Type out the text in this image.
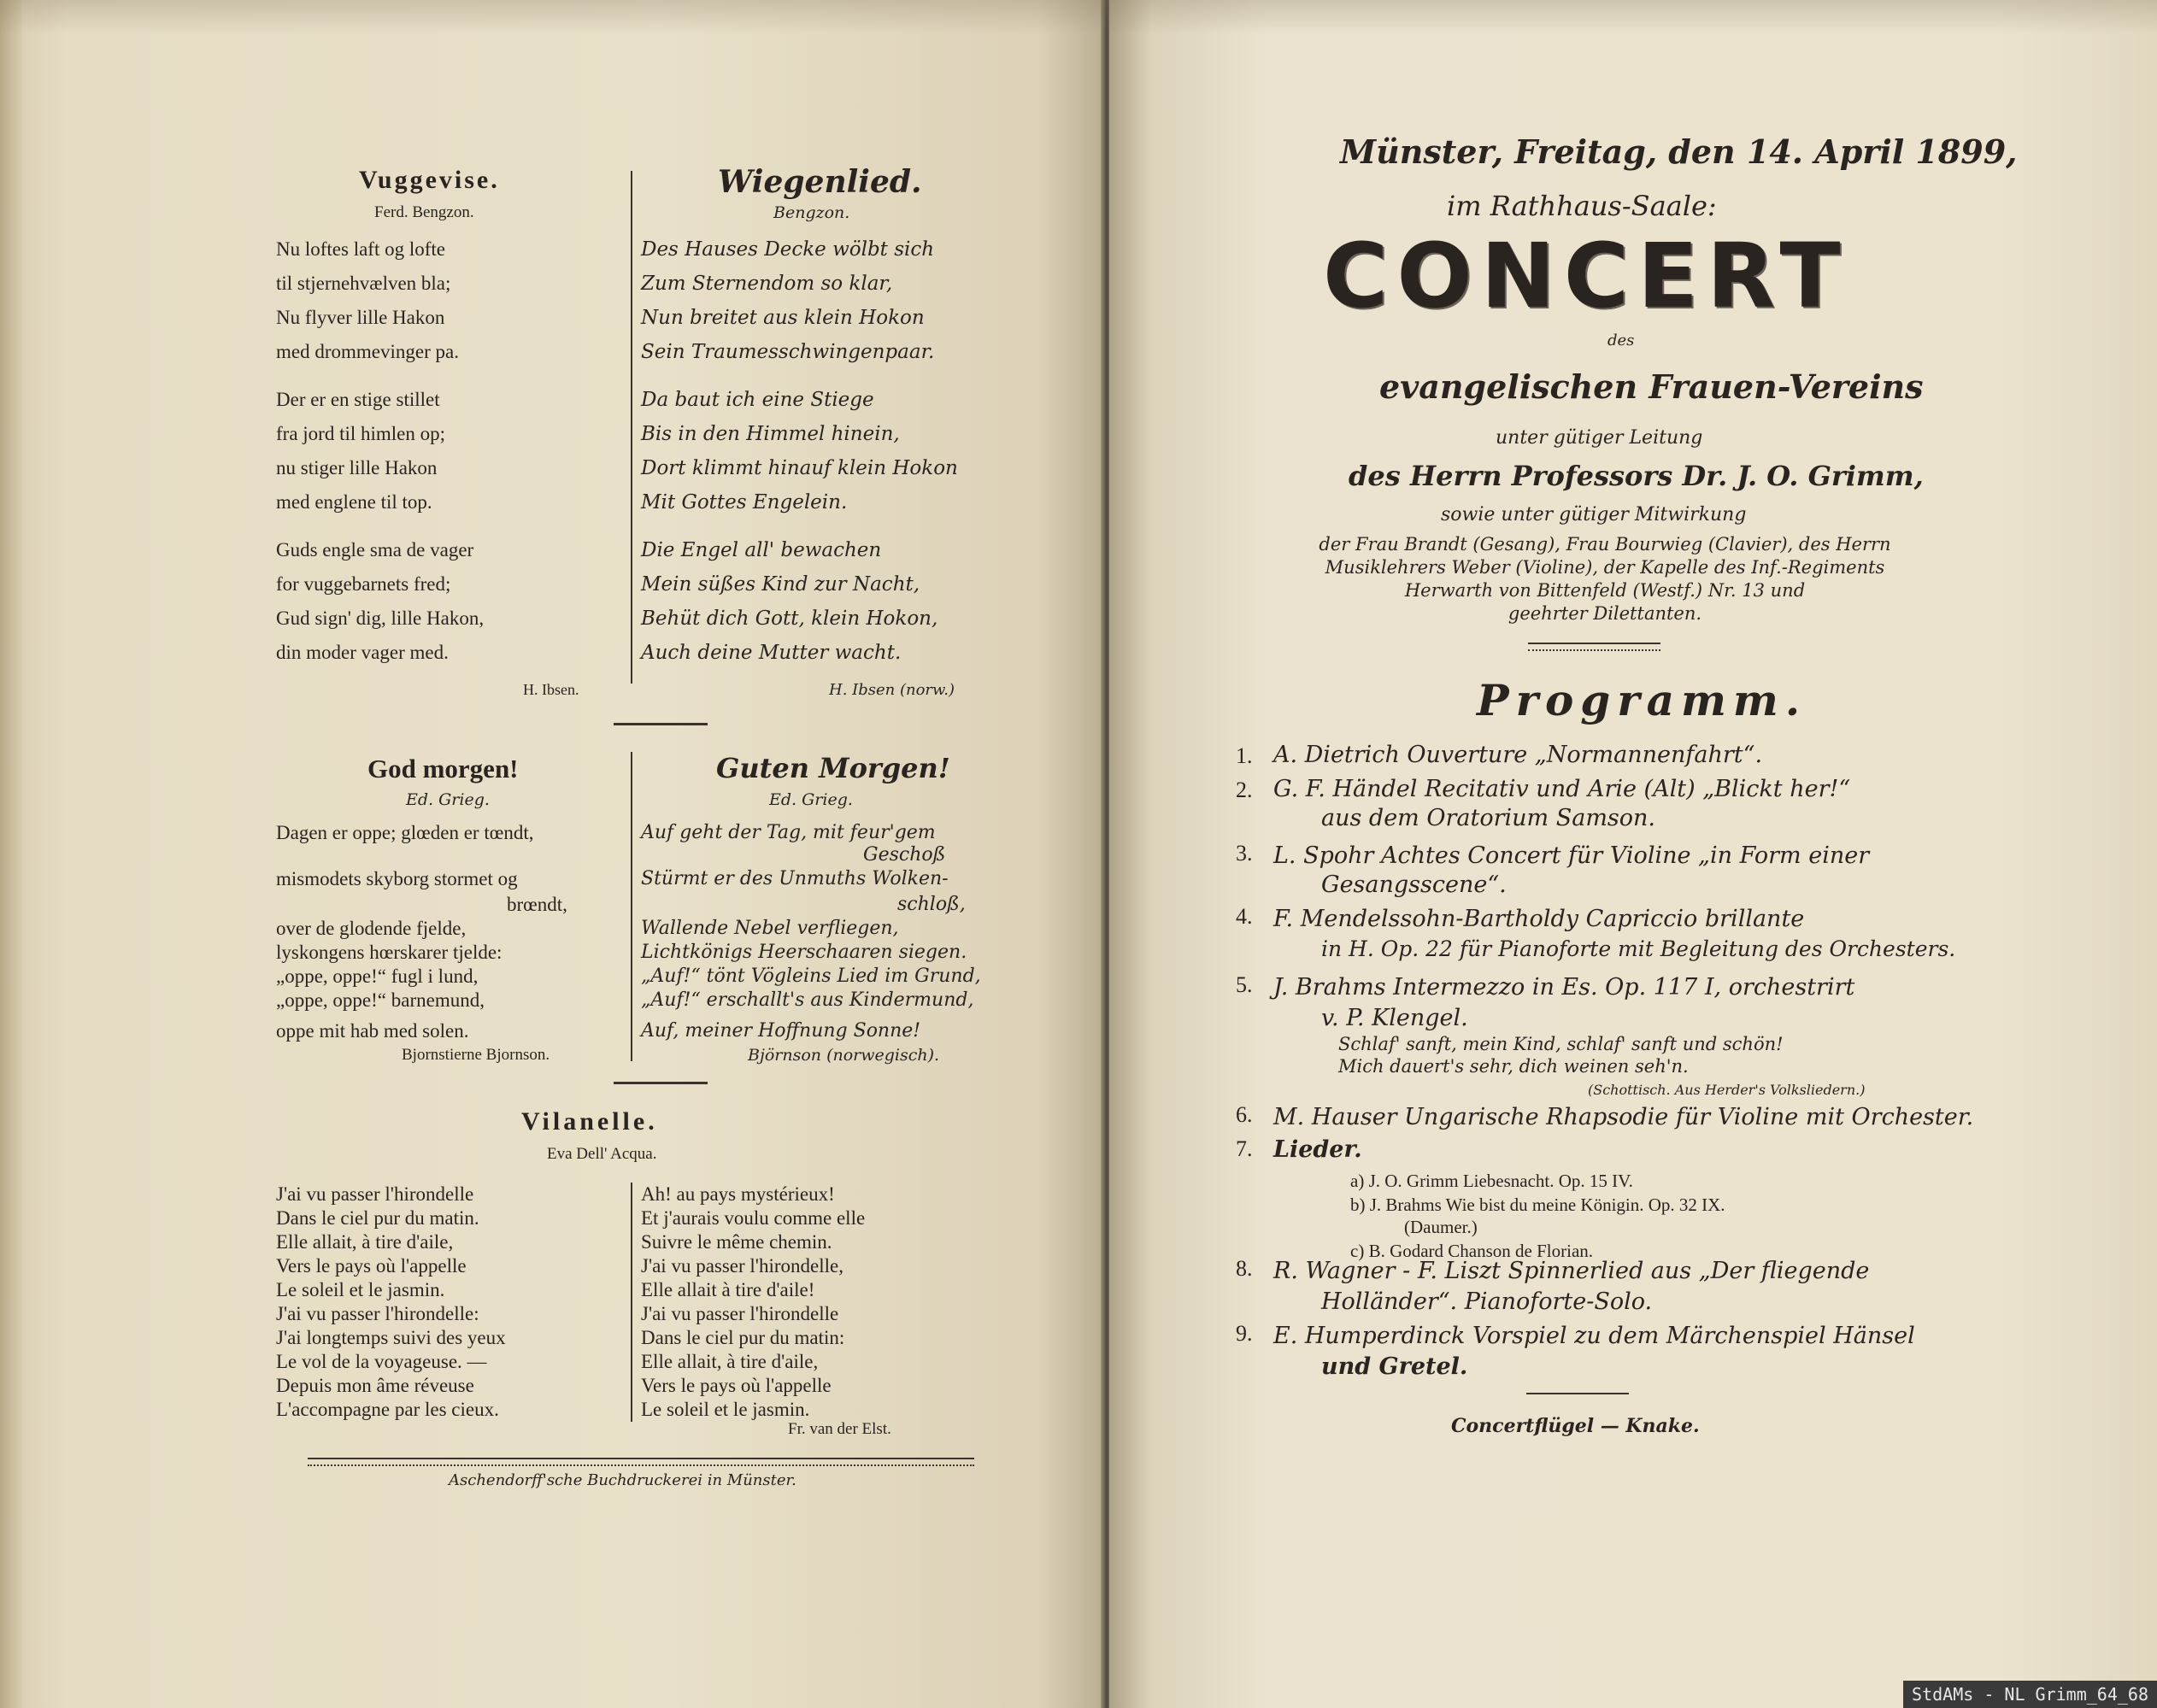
Vuggevise.
Ferd. Bengzon.
Nu loftes laft og lofte
til stjernehvælven bla;
Nu flyver lille Hakon
med drommevinger pa.
Der er en stige stillet
fra jord til himlen op;
nu stiger lille Hakon
med englene til top.
Guds engle sma de vager
for vuggebarnets fred;
Gud sign' dig, lille Hakon,
din moder vager med.
H. Ibsen.
Wiegenlied.
Bengzon.
Des Hauses Decke wölbt sich
Zum Sternendom so klar,
Nun breitet aus klein Hokon
Sein Traumesschwingenpaar.
Da baut ich eine Stiege
Bis in den Himmel hinein,
Dort klimmt hinauf klein Hokon
Mit Gottes Engelein.
Die Engel all' bewachen
Mein süßes Kind zur Nacht,
Behüt dich Gott, klein Hokon,
Auch deine Mutter wacht.
H. Ibsen (norw.)
God morgen!
Ed. Grieg.
Dagen er oppe; glœden er tœndt,
mismodets skyborg stormet og
brœndt,
over de glodende fjelde,
lyskongens hœrskarer tjelde:
„oppe, oppe!“ fugl i lund,
„oppe, oppe!“ barnemund,
oppe mit hab med solen.
Bjornstierne Bjornson.
Guten Morgen!
Ed. Grieg.
Auf geht der Tag, mit feur'gem
Geschoß
Stürmt er des Unmuths Wolken-
schloß,
Wallende Nebel verfliegen,
Lichtkönigs Heerschaaren siegen.
„Auf!“ tönt Vögleins Lied im Grund,
„Auf!“ erschallt's aus Kindermund,
Auf, meiner Hoffnung Sonne!
Björnson (norwegisch).
Vilanelle.
Eva Dell' Acqua.
J'ai vu passer l'hirondelle
Dans le ciel pur du matin.
Elle allait, à tire d'aile,
Vers le pays où l'appelle
Le soleil et le jasmin.
J'ai vu passer l'hirondelle:
J'ai longtemps suivi des yeux
Le vol de la voyageuse. —
Depuis mon âme réveuse
L'accompagne par les cieux.
Ah! au pays mystérieux!
Et j'aurais voulu comme elle
Suivre le même chemin.
J'ai vu passer l'hirondelle,
Elle allait à tire d'aile!
J'ai vu passer l'hirondelle
Dans le ciel pur du matin:
Elle allait, à tire d'aile,
Vers le pays où l'appelle
Le soleil et le jasmin.
Fr. van der Elst.
Aschendorff'sche Buchdruckerei in Münster.
Münster, Freitag, den 14. April 1899,
im Rathhaus-Saale:
CONCERT
des
evangelischen Frauen-Vereins
unter gütiger Leitung
des Herrn Professors Dr. J. O. Grimm,
sowie unter gütiger Mitwirkung
der Frau Brandt (Gesang), Frau Bourwieg (Clavier), des Herrn
Musiklehrers Weber (Violine), der Kapelle des Inf.-Regiments
Herwarth von Bittenfeld (Westf.) Nr. 13 und
geehrter Dilettanten.
Programm.
1. A. Dietrich Ouverture „Normannenfahrt“.
2. G. F. Händel Recitativ und Arie (Alt) „Blickt her!“
aus dem Oratorium Samson.
3. L. Spohr Achtes Concert für Violine „in Form einer
Gesangsscene“.
4. F. Mendelssohn-Bartholdy Capriccio brillante
in H. Op. 22 für Pianoforte mit Begleitung des Orchesters.
5. J. Brahms Intermezzo in Es. Op. 117 I, orchestrirt
v. P. Klengel.
Schlaf' sanft, mein Kind, schlaf' sanft und schön!
Mich dauert's sehr, dich weinen seh'n.
(Schottisch. Aus Herder's Volksliedern.)
6. M. Hauser Ungarische Rhapsodie für Violine mit Orchester.
7. Lieder.
a) J. O. Grimm Liebesnacht. Op. 15 IV.
b) J. Brahms Wie bist du meine Königin. Op. 32 IX.
(Daumer.)
c) B. Godard Chanson de Florian.
8. R. Wagner - F. Liszt Spinnerlied aus „Der fliegende
Holländer“. Pianoforte-Solo.
9. E. Humperdinck Vorspiel zu dem Märchenspiel Hänsel
und Gretel.
Concertflügel — Knake.
StdAMs - NL Grimm_64_68
